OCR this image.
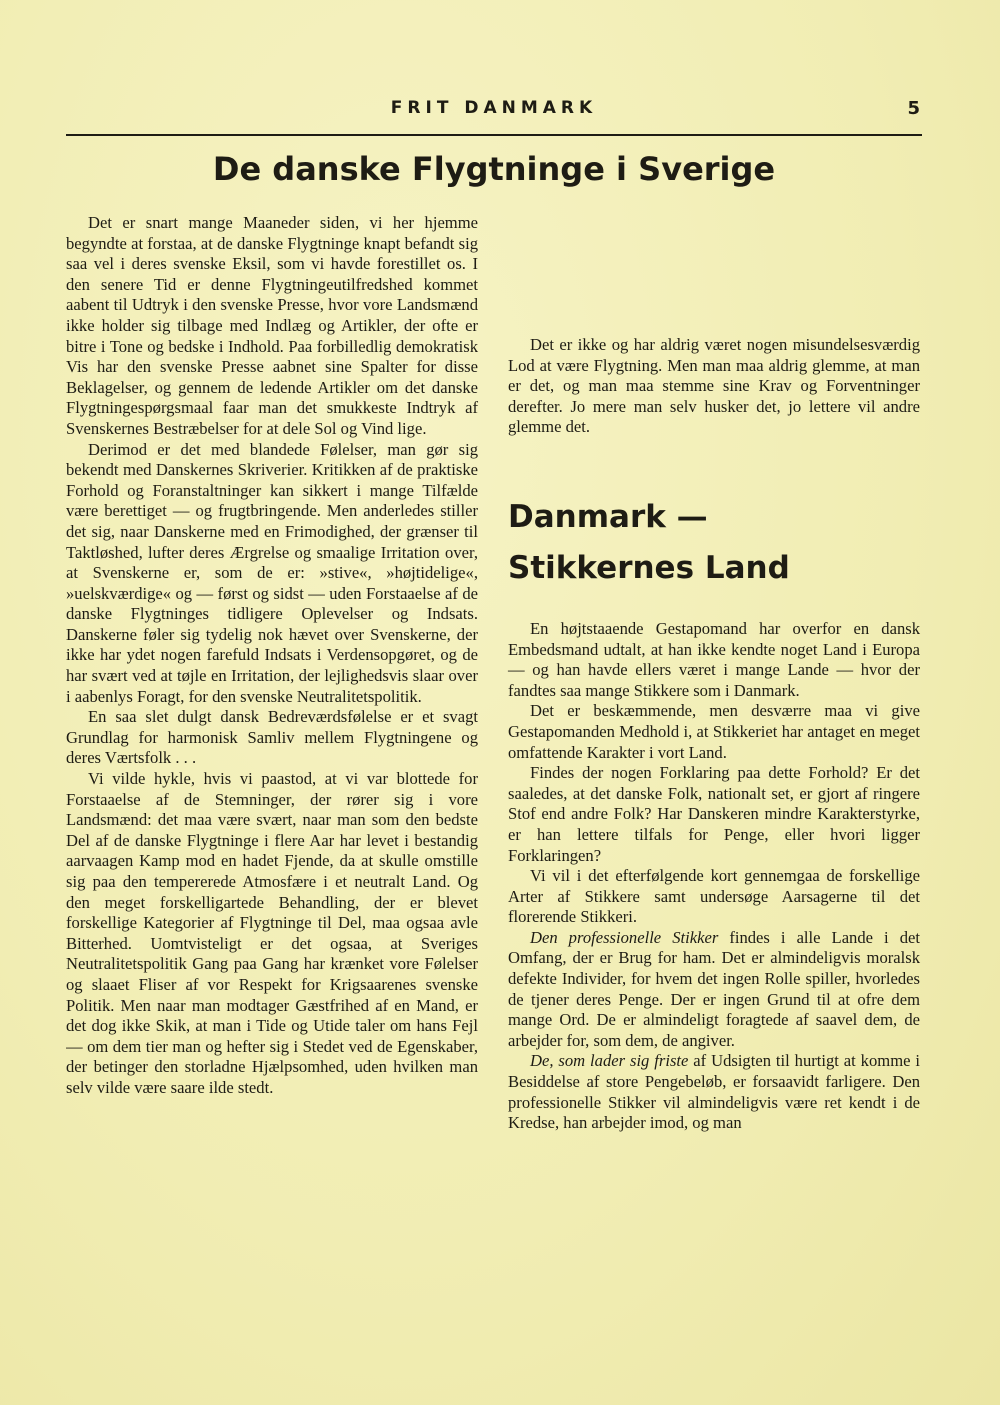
FRIT DANMARK	5
De danske Flygtninge i Sverige

Det er snart mange Maaneder siden, vi her hjemme begyndte at forstaa, at de danske Flygtninge knapt befandt sig saa vel i deres svenske Eksil, som vi havde forestillet os. I den senere Tid er denne Flygtningeutilfredshed kommet aabent til Udtryk i den svenske Presse, hvor vore Landsmænd ikke holder sig tilbage med Indlæg og Artikler, der ofte er bitre i Tone og bedske i Indhold. Paa forbilledlig demokratisk Vis har den svenske Presse aabnet sine Spalter for disse Beklagelser, og gennem de ledende Artikler om det danske Flygtningespørgsmaal faar man det smukkeste Indtryk af Svenskernes Bestræbelser for at dele Sol og Vind lige.

Derimod er det med blandede Følelser, man gør sig bekendt med Danskernes Skriverier. Kritikken af de praktiske Forhold og Foranstaltninger kan sikkert i mange Tilfælde være berettiget — og frugtbringende. Men anderledes stiller det sig, naar Danskerne med en Frimodighed, der grænser til Taktløshed, lufter deres Ærgrelse og smaalige Irritation over, at Svenskerne er, som de er: »stive«, »højtidelige«, »uelskværdige« og — først og sidst — uden Forstaaelse af de danske Flygtninges tidligere Oplevelser og Indsats. Danskerne føler sig tydelig nok hævet over Svenskerne, der ikke har ydet nogen farefuld Indsats i Verdensopgøret, og de har svært ved at tøjle en Irritation, der lejlighedsvis slaar over i aabenlys Foragt, for den svenske Neutralitetspolitik.

En saa slet dulgt dansk Bedreværdsfølelse er et svagt Grundlag for harmonisk Samliv mellem Flygtningene og deres Værtsfolk . . .

Vi vilde hykle, hvis vi paastod, at vi var blottede for Forstaaelse af de Stemninger, der rører sig i vore Landsmænd: det maa være svært, naar man som den bedste Del af de danske Flygtninge i flere Aar har levet i bestandig aarvaagen Kamp mod en hadet Fjende, da at skulle omstille sig paa den tempererede Atmosfære i et neutralt Land. Og den meget forskelligartede Behandling, der er blevet forskellige Kategorier af Flygtninge til Del, maa ogsaa avle Bitterhed. Uomtvisteligt er det ogsaa, at Sveriges Neutralitetspolitik Gang paa Gang har krænket vore Følelser og slaaet Fliser af vor Respekt for Krigsaarenes svenske Politik. Men naar man modtager Gæstfrihed af en Mand, er det dog ikke Skik, at man i Tide og Utide taler om hans Fejl — om dem tier man og hefter sig i Stedet ved de Egenskaber, der betinger den storladne Hjælpsomhed, uden hvilken man selv vilde være saare ilde stedt.

Det er ikke og har aldrig været nogen misundelsesværdig Lod at være Flygtning. Men man maa aldrig glemme, at man er det, og man maa stemme sine Krav og Forventninger derefter. Jo mere man selv husker det, jo lettere vil andre glemme det.

Danmark —
Stikkernes Land

En højtstaaende Gestapomand har overfor en dansk Embedsmand udtalt, at han ikke kendte noget Land i Europa — og han havde ellers været i mange Lande — hvor der fandtes saa mange Stikkere som i Danmark.

Det er beskæmmende, men desværre maa vi give Gestapomanden Medhold i, at Stikkeriet har antaget en meget omfattende Karakter i vort Land.

Findes der nogen Forklaring paa dette Forhold? Er det saaledes, at det danske Folk, nationalt set, er gjort af ringere Stof end andre Folk? Har Danskeren mindre Karakterstyrke, er han lettere tilfals for Penge, eller hvori ligger Forklaringen?

Vi vil i det efterfølgende kort gennemgaa de forskellige Arter af Stikkere samt undersøge Aarsagerne til det florerende Stikkeri.

Den professionelle Stikker findes i alle Lande i det Omfang, der er Brug for ham. Det er almindeligvis moralsk defekte Individer, for hvem det ingen Rolle spiller, hvorledes de tjener deres Penge. Der er ingen Grund til at ofre dem mange Ord. De er almindeligt foragtede af saavel dem, de arbejder for, som dem, de angiver.

De, som lader sig friste af Udsigten til hurtigt at komme i Besiddelse af store Pengebeløb, er forsaavidt farligere. Den professionelle Stikker vil almindeligvis være ret kendt i de Kredse, han arbejder imod, og man
